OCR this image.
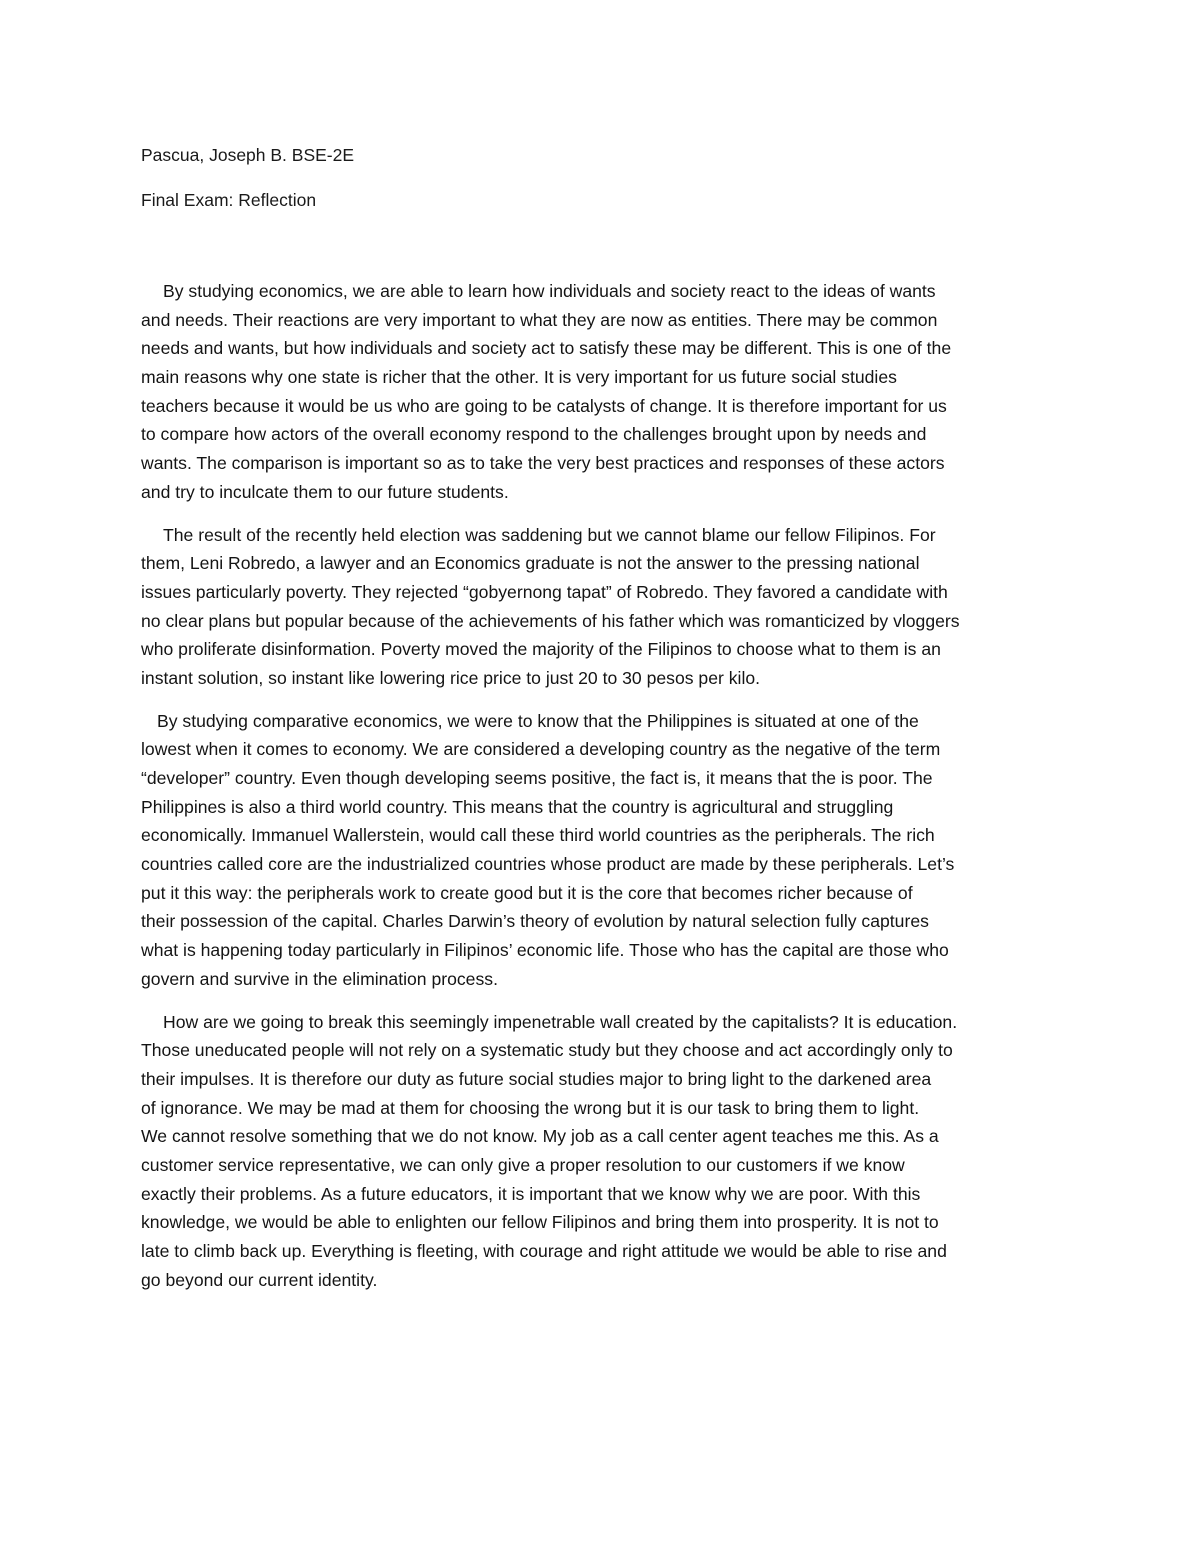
Pascua, Joseph B. BSE-2E
Final Exam: Reflection
By studying economics, we are able to learn how individuals and society react to the ideas of wants
and needs. Their reactions are very important to what they are now as entities. There may be common
needs and wants, but how individuals and society act to satisfy these may be different. This is one of the
main reasons why one state is richer that the other. It is very important for us future social studies
teachers because it would be us who are going to be catalysts of change. It is therefore important for us
to compare how actors of the overall economy respond to the challenges brought upon by needs and
wants. The comparison is important so as to take the very best practices and responses of these actors
and try to inculcate them to our future students.
The result of the recently held election was saddening but we cannot blame our fellow Filipinos. For
them, Leni Robredo, a lawyer and an Economics graduate is not the answer to the pressing national
issues particularly poverty. They rejected “gobyernong tapat” of Robredo. They favored a candidate with
no clear plans but popular because of the achievements of his father which was romanticized by vloggers
who proliferate disinformation. Poverty moved the majority of the Filipinos to choose what to them is an
instant solution, so instant like lowering rice price to just 20 to 30 pesos per kilo.
By studying comparative economics, we were to know that the Philippines is situated at one of the
lowest when it comes to economy. We are considered a developing country as the negative of the term
“developer” country. Even though developing seems positive, the fact is, it means that the is poor. The
Philippines is also a third world country. This means that the country is agricultural and struggling
economically. Immanuel Wallerstein, would call these third world countries as the peripherals. The rich
countries called core are the industrialized countries whose product are made by these peripherals. Let’s
put it this way: the peripherals work to create good but it is the core that becomes richer because of
their possession of the capital. Charles Darwin’s theory of evolution by natural selection fully captures
what is happening today particularly in Filipinos’ economic life. Those who has the capital are those who
govern and survive in the elimination process.
How are we going to break this seemingly impenetrable wall created by the capitalists? It is education.
Those uneducated people will not rely on a systematic study but they choose and act accordingly only to
their impulses. It is therefore our duty as future social studies major to bring light to the darkened area
of ignorance. We may be mad at them for choosing the wrong but it is our task to bring them to light.
We cannot resolve something that we do not know. My job as a call center agent teaches me this. As a
customer service representative, we can only give a proper resolution to our customers if we know
exactly their problems. As a future educators, it is important that we know why we are poor. With this
knowledge, we would be able to enlighten our fellow Filipinos and bring them into prosperity. It is not to
late to climb back up. Everything is fleeting, with courage and right attitude we would be able to rise and
go beyond our current identity.
